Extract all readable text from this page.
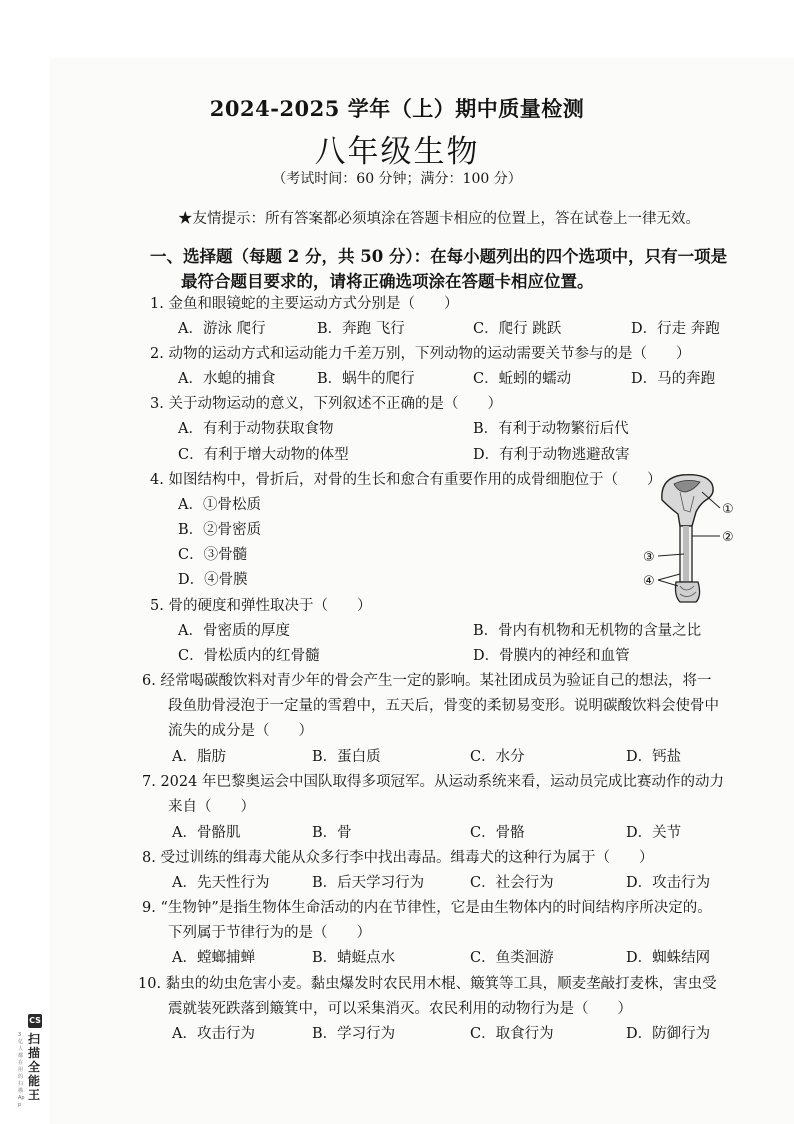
2024-2025 学年（上）期中质量检测
八年级生物
（考试时间：60 分钟；满分：100 分）
★友情提示：所有答案都必须填涂在答题卡相应的位置上，答在试卷上一律无效。
一、选择题（每题 2 分，共 50 分）：在每小题列出的四个选项中，只有一项是
最符合题目要求的，请将正确选项涂在答题卡相应位置。
1. 金鱼和眼镜蛇的主要运动方式分别是（　　）
A．游泳 爬行	B．奔跑 飞行	C．爬行 跳跃	D．行走 奔跑
2. 动物的运动方式和运动能力千差万别，下列动物的运动需要关节参与的是（　　）
A．水螅的捕食	B．蜗牛的爬行	C．蚯蚓的蠕动	D．马的奔跑
3. 关于动物运动的意义，下列叙述不正确的是（　　）
A．有利于动物获取食物	B．有利于动物繁衍后代
C．有利于增大动物的体型	D．有利于动物逃避敌害
4. 如图结构中，骨折后，对骨的生长和愈合有重要作用的成骨细胞位于（　　）
A．①骨松质
B．②骨密质
C．③骨髓
D．④骨膜
①
②
③
④
5. 骨的硬度和弹性取决于（　　）
A．骨密质的厚度	B．骨内有机物和无机物的含量之比
C．骨松质内的红骨髓	D．骨膜内的神经和血管
6. 经常喝碳酸饮料对青少年的骨会产生一定的影响。某社团成员为验证自己的想法，将一
段鱼肋骨浸泡于一定量的雪碧中，五天后，骨变的柔韧易变形。说明碳酸饮料会使骨中
流失的成分是（　　）
A．脂肪	B．蛋白质	C．水分	D．钙盐
7. 2024 年巴黎奥运会中国队取得多项冠军。从运动系统来看，运动员完成比赛动作的动力
来自（　　）
A．骨骼肌	B．骨	C．骨骼	D．关节
8. 受过训练的缉毒犬能从众多行李中找出毒品。缉毒犬的这种行为属于（　　）
A．先天性行为	B．后天学习行为	C．社会行为	D．攻击行为
9. “生物钟”是指生物体生命活动的内在节律性，它是由生物体内的时间结构序所决定的。
下列属于节律行为的是（　　）
A．螳螂捕蝉	B．蜻蜓点水	C．鱼类洄游	D．蜘蛛结网
10. 黏虫的幼虫危害小麦。黏虫爆发时农民用木棍、簸箕等工具，顺麦垄敲打麦株，害虫受
震就装死跌落到簸箕中，可以采集消灭。农民利用的动物行为是（　　）
A．攻击行为	B．学习行为	C．取食行为	D．防御行为
CS
扫描全能王
3亿人都在用的扫描App
